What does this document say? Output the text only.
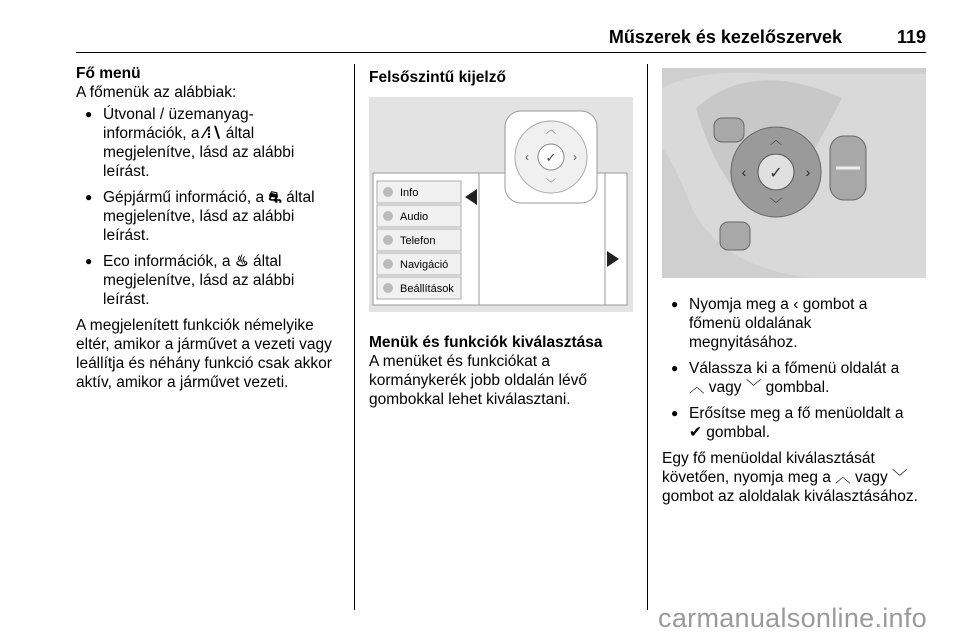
Műszerek és kezelőszervek	119
Fő menü
A főmenük az alábbiak:
● Útvonal / üzemanyag-
információk, a ⁄⁞∖ által
megjelenítve, lásd az alábbi
leírást.
● Gépjármű információ, a ⛐ által
megjelenítve, lásd az alábbi
leírást.
● Eco információk, a ♨ által
megjelenítve, lásd az alábbi
leírást.
A megjelenített funkciók némelyike
eltér, amikor a járművet a vezeti vagy
leállítja és néhány funkció csak akkor
aktív, amikor a járművet vezeti.
Felsőszintű kijelző
Info
Audio
Telefon
Navigáció
Beállítások
✓
︿
﹀
‹	›
Menük és funkciók kiválasztása
A menüket és funkciókat a
kormánykerék jobb oldalán lévő
gombokkal lehet kiválasztani.
✓
︿
﹀
‹	›
● Nyomja meg a ‹ gombot a
főmenü oldalának
megnyitásához.
● Válassza ki a főmenü oldalát a
︿ vagy ﹀ gombbal.
● Erősítse meg a fő menüoldalt a
✔ gombbal.
Egy fő menüoldal kiválasztását
követően, nyomja meg a ︿ vagy ﹀
gombot az aloldalak kiválasztásához.
carmanualsonline.info
